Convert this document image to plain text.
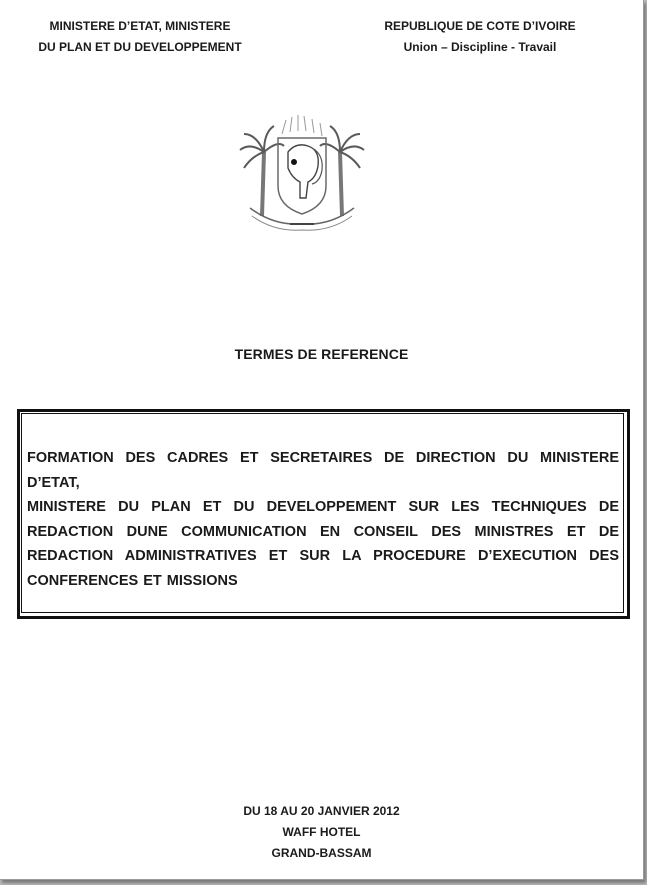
MINISTERE D’ETAT, MINISTERE
DU PLAN ET DU DEVELOPPEMENT
REPUBLIQUE DE COTE D’IVOIRE
Union – Discipline - Travail
TERMES DE REFERENCE
FORMATION DES CADRES ET SECRETAIRES DE DIRECTION DU MINISTERE D’ETAT,
MINISTERE DU PLAN ET DU DEVELOPPEMENT SUR LES TECHNIQUES DE
REDACTION DUNE COMMUNICATION EN CONSEIL DES MINISTRES ET DE
REDACTION ADMINISTRATIVES ET SUR LA PROCEDURE D’EXECUTION DES
CONFERENCES ET MISSIONS
DU 18 AU 20 JANVIER 2012
WAFF HOTEL
GRAND-BASSAM
